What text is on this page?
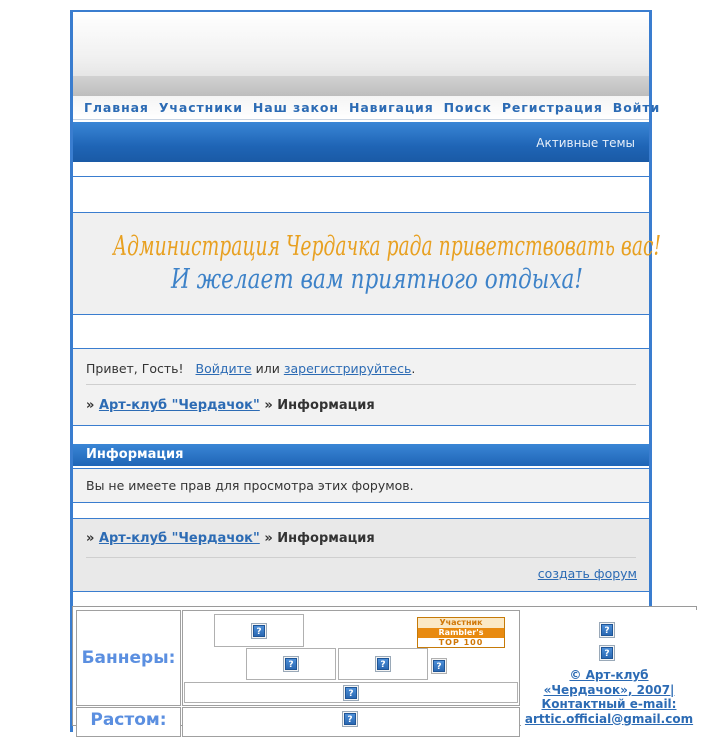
Главная Участники Наш закон Навигация Поиск Регистрация Войти
Активные темы
Администрация Чердачка рада приветствовать вас!
И желает вам приятного отдыха!
Привет, Гость! Войдите или зарегистрируйтесь.
» Арт-клуб "Чердачок" » Информация
Информация
Вы не имеете прав для просмотра этих форумов.
» Арт-клуб "Чердачок" » Информация
создать форум
Баннеры:
Растом:
?
Участник
Rambler's
TOP 100
?	?	?
?
?
?
?
© Арт-клуб
«Чердачок», 2007|
Контактный e-mail:
arttic.official@gmail.com
